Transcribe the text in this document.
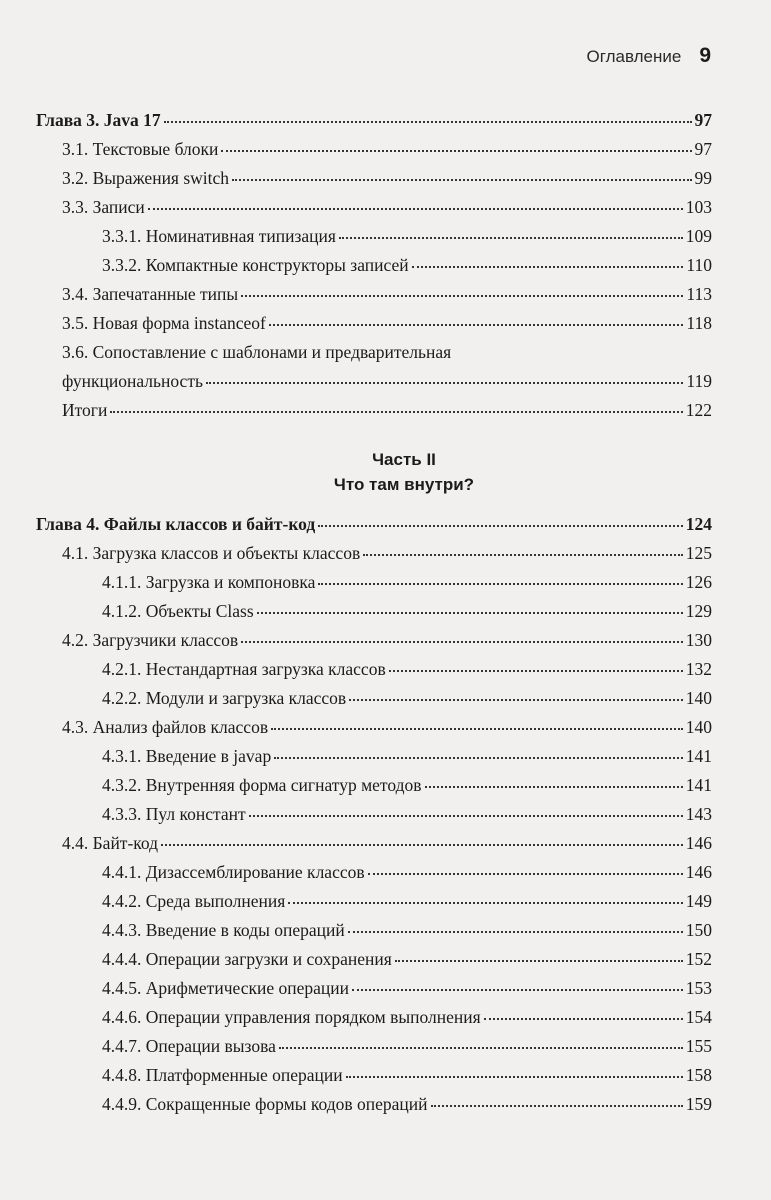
Оглавление 9
Глава 3. Java 17	97
3.1. Текстовые блоки	97
3.2. Выражения switch	99
3.3. Записи	103
3.3.1. Номинативная типизация	109
3.3.2. Компактные конструкторы записей	110
3.4. Запечатанные типы	113
3.5. Новая форма instanceof	118
3.6. Сопоставление с шаблонами и предварительная
функциональность	119
Итоги	122
Часть II
Что там внутри?
Глава 4. Файлы классов и байт-код	124
4.1. Загрузка классов и объекты классов	125
4.1.1. Загрузка и компоновка	126
4.1.2. Объекты Class	129
4.2. Загрузчики классов	130
4.2.1. Нестандартная загрузка классов	132
4.2.2. Модули и загрузка классов	140
4.3. Анализ файлов классов	140
4.3.1. Введение в javap	141
4.3.2. Внутренняя форма сигнатур методов	141
4.3.3. Пул констант	143
4.4. Байт-код	146
4.4.1. Дизассемблирование классов	146
4.4.2. Среда выполнения	149
4.4.3. Введение в коды операций	150
4.4.4. Операции загрузки и сохранения	152
4.4.5. Арифметические операции	153
4.4.6. Операции управления порядком выполнения	154
4.4.7. Операции вызова	155
4.4.8. Платформенные операции	158
4.4.9. Сокращенные формы кодов операций	159
